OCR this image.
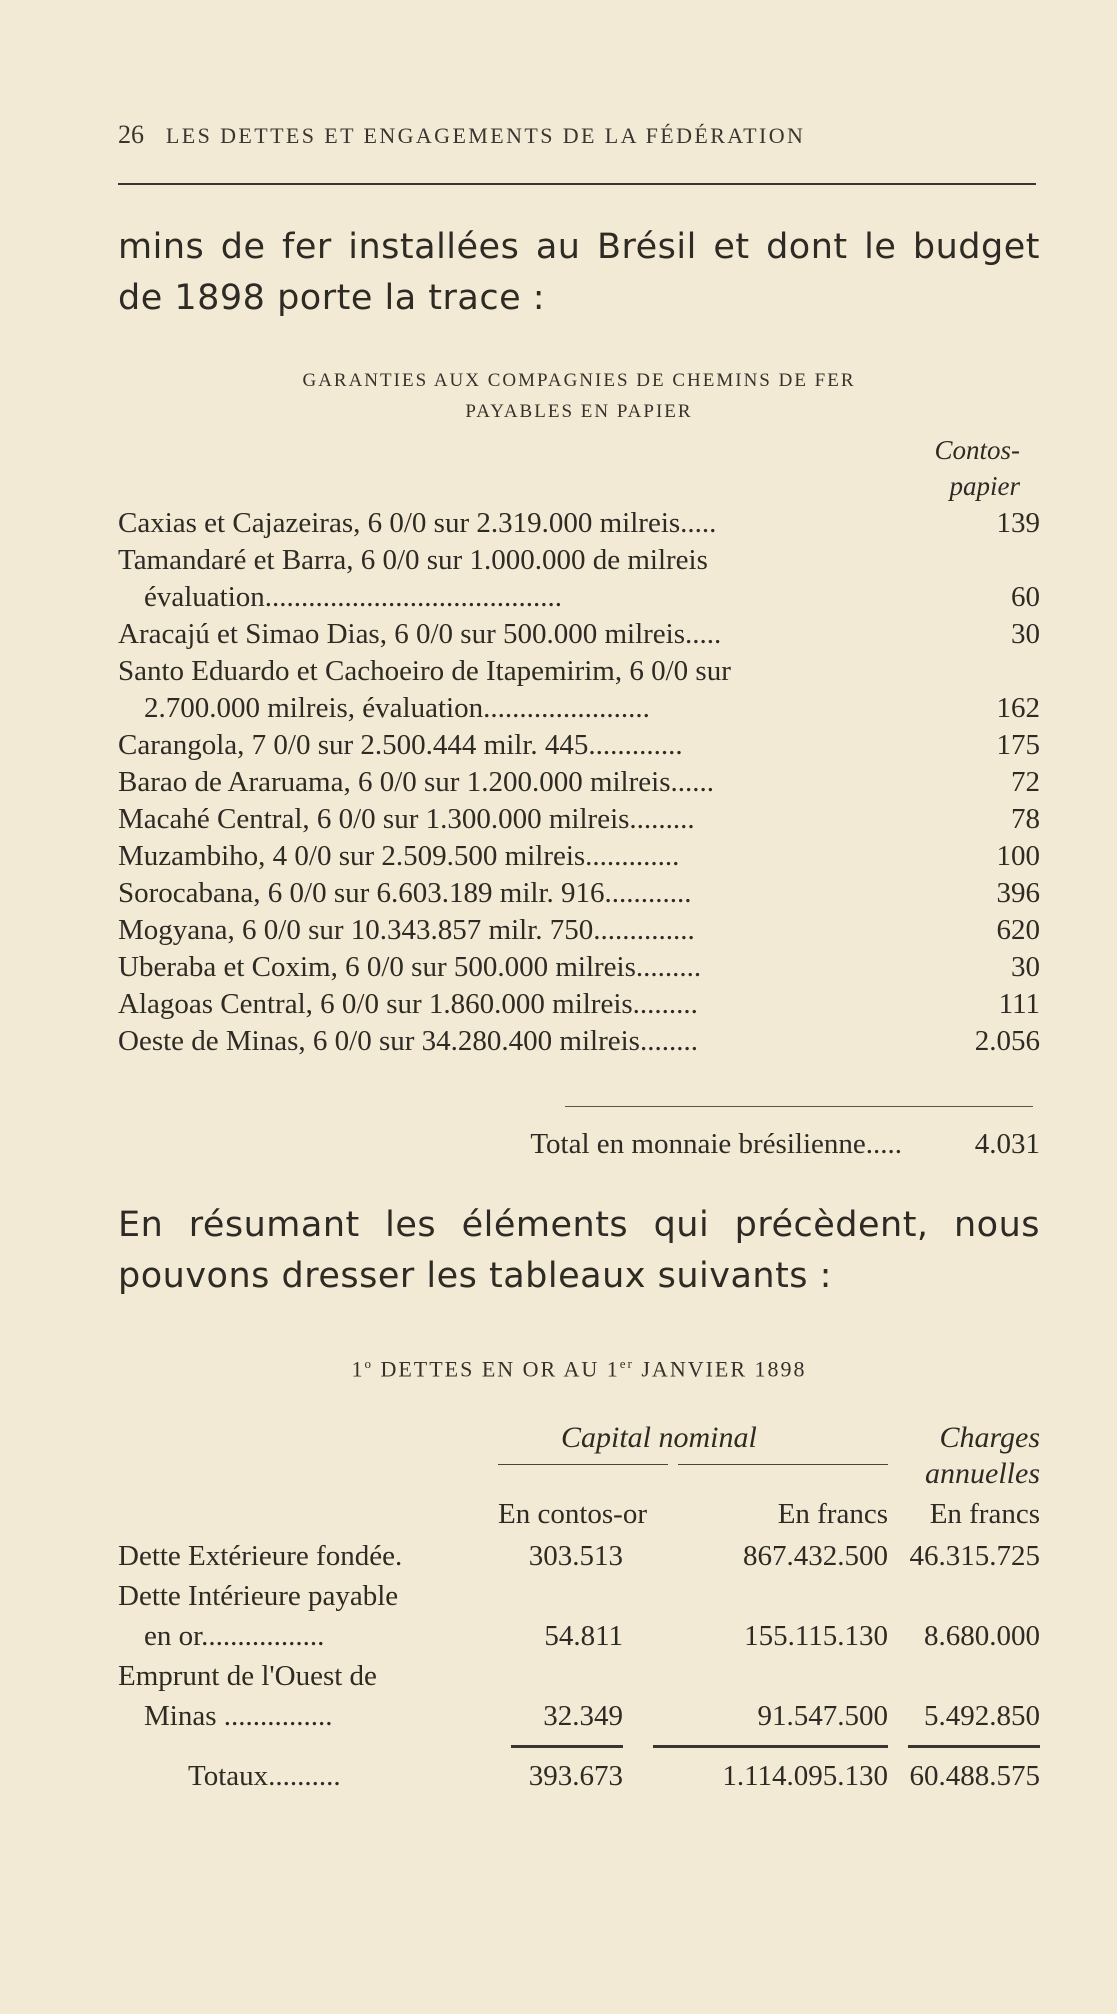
26 LES DETTES ET ENGAGEMENTS DE LA FÉDÉRATION
mins de fer installées au Brésil et dont le budget
de 1898 porte la trace :
GARANTIES AUX COMPAGNIES DE CHEMINS DE FER
PAYABLES EN PAPIER
Contos-
papier
Caxias et Cajazeiras, 6 0/0 sur 2.319.000 milreis.....	139
Tamandaré et Barra, 6 0/0 sur 1.000.000 de milreis
évaluation.........................................	60
Aracajú et Simao Dias, 6 0/0 sur 500.000 milreis.....	30
Santo Eduardo et Cachoeiro de Itapemirim, 6 0/0 sur
2.700.000 milreis, évaluation.......................	162
Carangola, 7 0/0 sur 2.500.444 milr. 445.............	175
Barao de Araruama, 6 0/0 sur 1.200.000 milreis......	72
Macahé Central, 6 0/0 sur 1.300.000 milreis.........	78
Muzambiho, 4 0/0 sur 2.509.500 milreis.............	100
Sorocabana, 6 0/0 sur 6.603.189 milr. 916............	396
Mogyana, 6 0/0 sur 10.343.857 milr. 750..............	620
Uberaba et Coxim, 6 0/0 sur 500.000 milreis.........	30
Alagoas Central, 6 0/0 sur 1.860.000 milreis.........	111
Oeste de Minas, 6 0/0 sur 34.280.400 milreis........	2.056
Total en monnaie brésilienne.....	4.031
En résumant les éléments qui précèdent, nous
pouvons dresser les tableaux suivants :
1$^o$ DETTES EN OR AU 1er JANVIER 1898
Capital nominal	Charges
annuelles
En contos-or	En francs	En francs
Dette Extérieure fondée.	303.513	867.432.500 46.315.725
Dette Intérieure payable
en or.................	54.811	155.115.130	8.680.000
Emprunt de l'Ouest de
Minas ...............	32.349	91.547.500	5.492.850
Totaux..........	393.673	1.114.095.130 60.488.575
